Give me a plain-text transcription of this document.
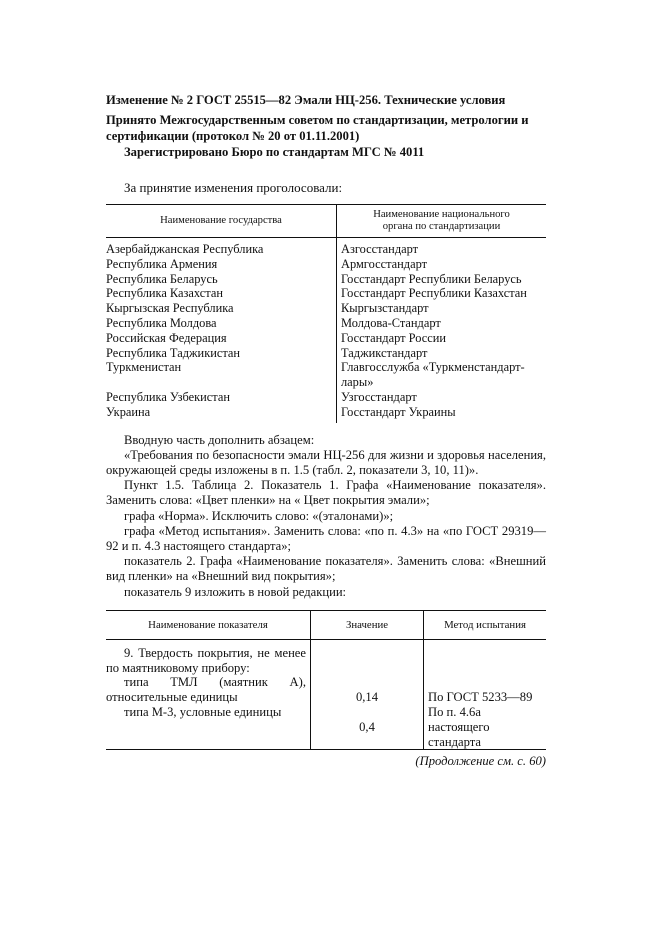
Изменение № 2 ГОСТ 25515—82 Эмали НЦ-256. Технические условия

Принято Межгосударственным советом по стандартизации, метрологии и

сертификации (протокол № 20 от 01.11.2001)

Зарегистрировано Бюро по стандартам МГС № 4011

За принятие изменения проголосовали:
Наименование государства	Наименование национального
органа по стандартизации

Азербайджанская Республика	Азгосстандарт
Республика Армения	Армгосстандарт
Республика Беларусь	Госстандарт Республики Беларусь
Республика Казахстан	Госстандарт Республики Казахстан
Кыргызская Республика	Кыргызстандарт
Республика Молдова	Молдова-Стандарт
Российская Федерация	Госстандарт России
Республика Таджикистан	Таджикстандарт
Туркменистан	Главгосслужба «Туркменстандарт-
лары»

Республика Узбекистан	Узгосстандарт
Украина	Госстандарт Украины

Вводную часть дополнить абзацем:

«Требования по безопасности эмали НЦ-256 для жизни и здоровья населения, окружающей среды изложены в п. 1.5 (табл. 2, показатели 3, 10, 11)».

Пункт 1.5. Таблица 2. Показатель 1. Графа «Наименование показателя». Заменить слова: «Цвет пленки» на « Цвет покрытия эмали»;

графа «Норма». Исключить слово: «(эталонами)»;

графа «Метод испытания». Заменить слова: «по п. 4.3» на «по ГОСТ 29319—92 и п. 4.3 настоящего стандарта»;

показатель 2. Графа «Наименование показателя». Заменить слова: «Внешний вид пленки» на «Внешний вид покрытия»;

показатель 9 изложить в новой редакции:

Наименование показателя	Значение	Метод испытания

9. Твердость покрытия, не менее по маятниковому прибору:		

типа ТМЛ (маятник А), относительные единицы	0,14	По ГОСТ 5233—89

типа М-3, условные единицы	0,4	По п. 4.6а настоящего стандарта
(Продолжение см. с. 60)
